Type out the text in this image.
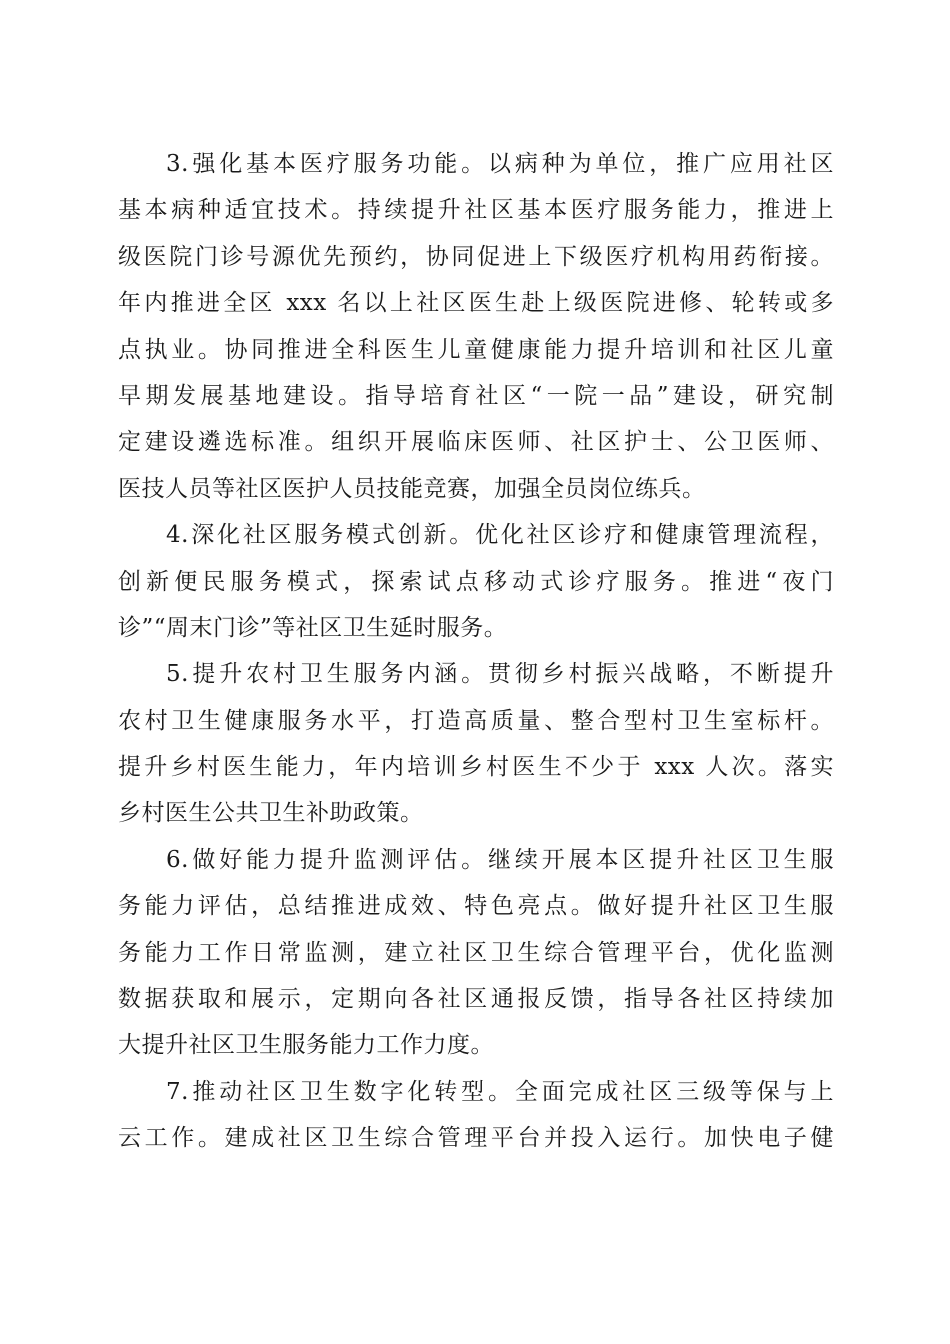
3.强化基本医疗服务功能。以病种为单位，推广应用社区
基本病种适宜技术。持续提升社区基本医疗服务能力，推进上
级医院门诊号源优先预约，协同促进上下级医疗机构用药衔接。
年内推进全区 xxx 名以上社区医生赴上级医院进修、轮转或多
点执业。协同推进全科医生儿童健康能力提升培训和社区儿童
早期发展基地建设。指导培育社区“一院一品”建设，研究制
定建设遴选标准。组织开展临床医师、社区护士、公卫医师、
医技人员等社区医护人员技能竞赛，加强全员岗位练兵。
4.深化社区服务模式创新。优化社区诊疗和健康管理流程，
创新便民服务模式，探索试点移动式诊疗服务。推进“夜门
诊”“周末门诊”等社区卫生延时服务。
5.提升农村卫生服务内涵。贯彻乡村振兴战略，不断提升
农村卫生健康服务水平，打造高质量、整合型村卫生室标杆。
提升乡村医生能力，年内培训乡村医生不少于 xxx 人次。落实
乡村医生公共卫生补助政策。
6.做好能力提升监测评估。继续开展本区提升社区卫生服
务能力评估，总结推进成效、特色亮点。做好提升社区卫生服
务能力工作日常监测，建立社区卫生综合管理平台，优化监测
数据获取和展示，定期向各社区通报反馈，指导各社区持续加
大提升社区卫生服务能力工作力度。
7.推动社区卫生数字化转型。全面完成社区三级等保与上
云工作。建成社区卫生综合管理平台并投入运行。加快电子健
